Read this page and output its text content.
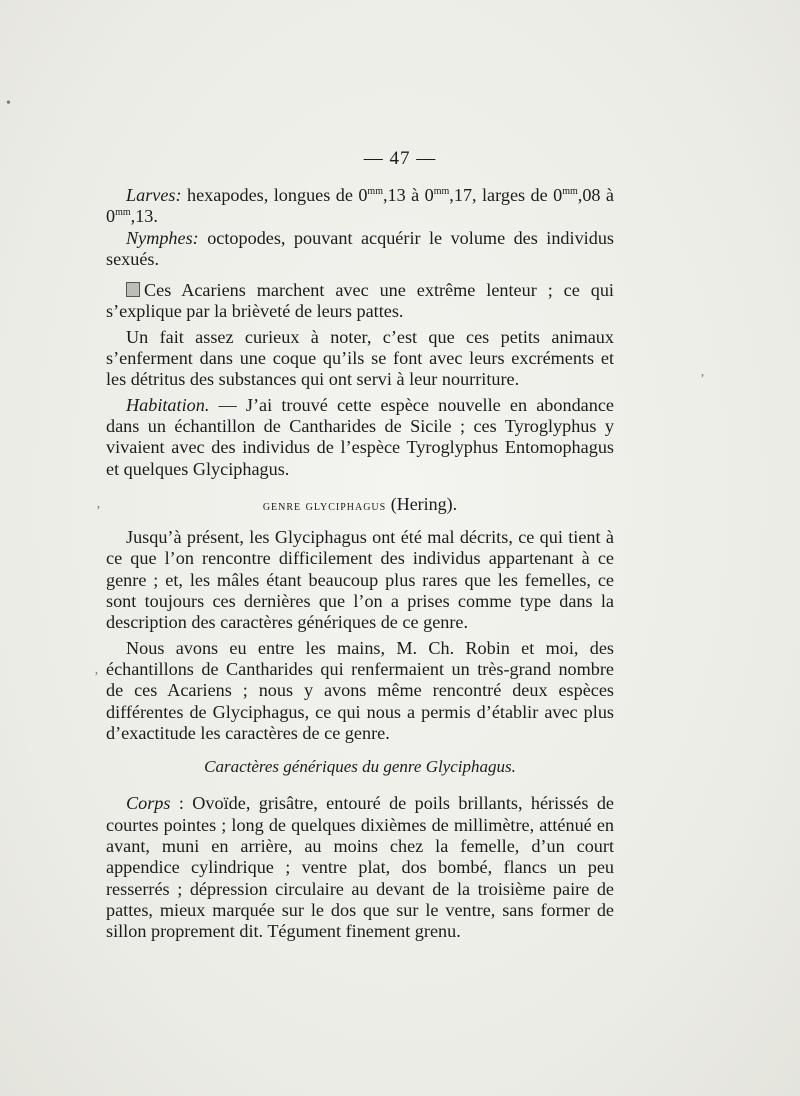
— 47 —

Larves: hexapodes, longues de $0^{mm},13$ à $0^{mm},17$, larges de $0^{mm},08$ à $0^{mm},13$.

Nymphes: octopodes, pouvant acquérir le volume des individus sexués.

Ces Acariens marchent avec une extrême lenteur ; ce qui s’explique par la brièveté de leurs pattes.

Un fait assez curieux à noter, c’est que ces petits animaux s’enferment dans une coque qu’ils se font avec leurs excréments et les détritus des substances qui ont servi à leur nourriture.

Habitation. — J’ai trouvé cette espèce nouvelle en abondance dans un échantillon de Cantharides de Sicile ; ces Tyroglyphus y vivaient avec des individus de l’espèce Tyroglyphus Entomophagus et quelques Glyciphagus.

genre glyciphagus (Hering).

Jusqu’à présent, les Glyciphagus ont été mal décrits, ce qui tient à ce que l’on rencontre difficilement des individus appartenant à ce genre ; et, les mâles étant beaucoup plus rares que les femelles, ce sont toujours ces dernières que l’on a prises comme type dans la description des caractères génériques de ce genre.

Nous avons eu entre les mains, M. Ch. Robin et moi, des échantillons de Cantharides qui renfermaient un très-grand nombre de ces Acariens ; nous y avons même rencontré deux espèces différentes de Glyciphagus, ce qui nous a permis d’établir avec plus d’exactitude les caractères de ce genre.

Caractères génériques du genre Glyciphagus.

Corps : Ovoïde, grisâtre, entouré de poils brillants, hérissés de courtes pointes ; long de quelques dixièmes de millimètre, atténué en avant, muni en arrière, au moins chez la femelle, d’un court appendice cylindrique ; ventre plat, dos bombé, flancs un peu resserrés ; dépression circulaire au devant de la troisième paire de pattes, mieux marquée sur le dos que sur le ventre, sans former de sillon proprement dit. Tégument finement grenu.

•
ʼ
ʼ
ʼ
